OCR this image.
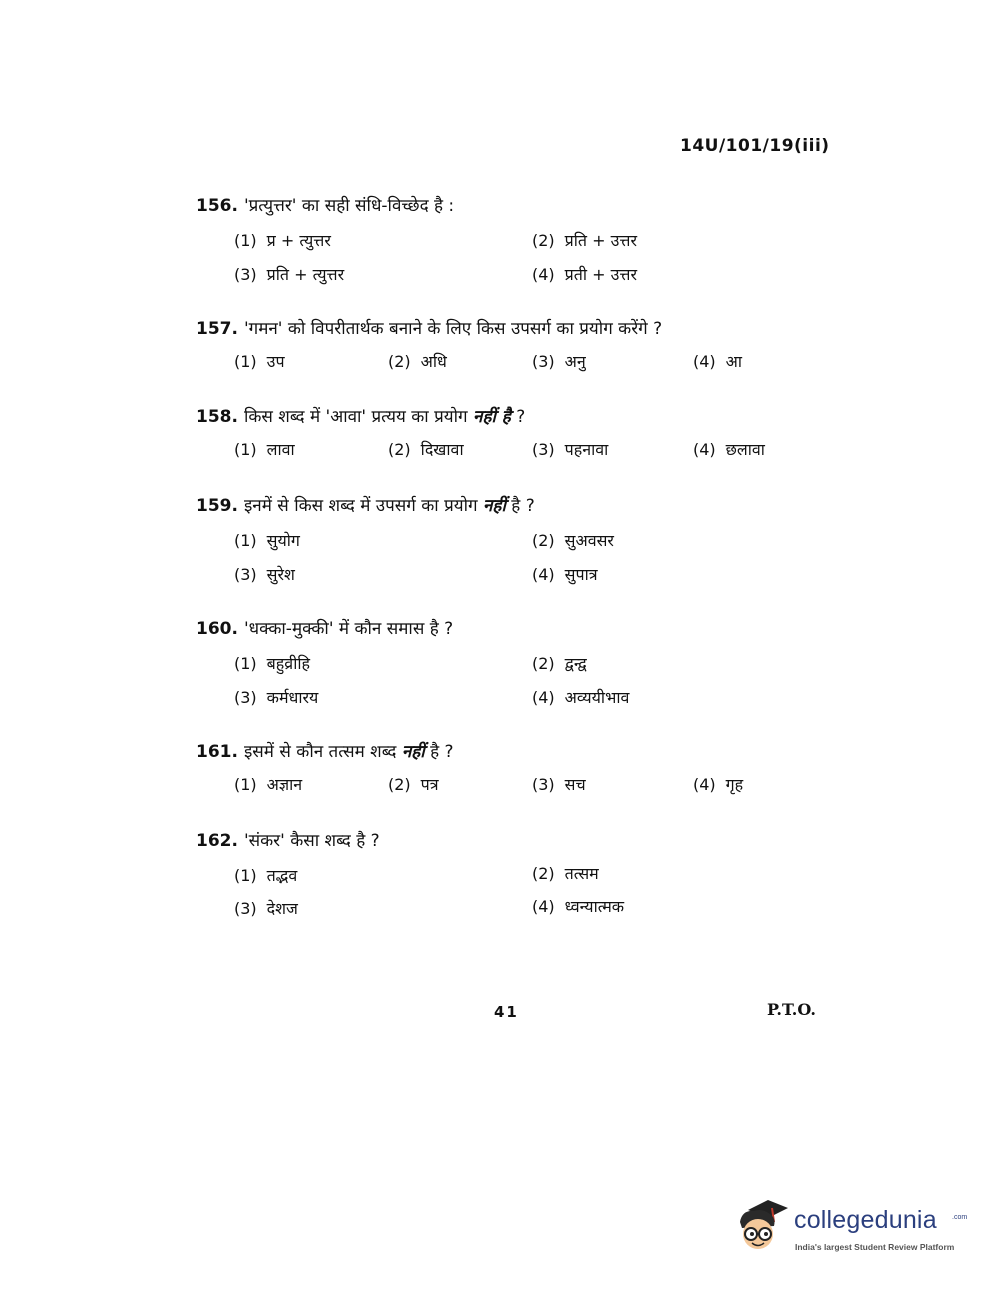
14U/101/19(iii)
156. 'प्रत्युत्तर' का सही संधि-विच्छेद है :
(1) प्र + त्युत्तर	(2) प्रति + उत्तर
(3) प्रति + त्युत्तर	(4) प्रती + उत्तर
157. 'गमन' को विपरीतार्थक बनाने के लिए किस उपसर्ग का प्रयोग करेंगे ?
(1) उप	(2) अधि	(3) अनु	(4) आ
158. किस शब्द में 'आवा' प्रत्यय का प्रयोग नहीं है ?
(1) लावा	(2) दिखावा	(3) पहनावा	(4) छलावा
159. इनमें से किस शब्द में उपसर्ग का प्रयोग नहीं है ?
(1) सुयोग	(2) सुअवसर
(3) सुरेश	(4) सुपात्र
160. 'धक्का-मुक्की' में कौन समास है ?
(1) बहुव्रीहि	(2) द्वन्द्व
(3) कर्मधारय	(4) अव्ययीभाव
161. इसमें से कौन तत्सम शब्द नहीं है ?
(1) अज्ञान	(2) पत्र	(3) सच	(4) गृह
162. 'संकर' कैसा शब्द है ?
(1) तद्भव	(2) तत्सम
(3) देशज	(4) ध्वन्यात्मक
41	P.T.O.
collegedunia .com
India's largest Student Review Platform
